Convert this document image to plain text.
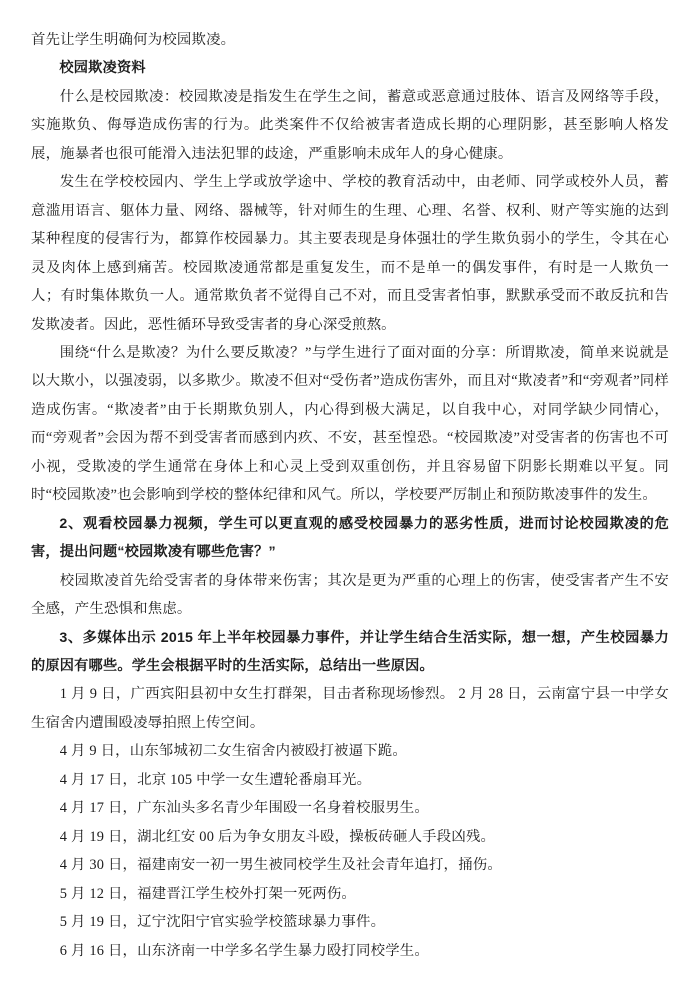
首先让学生明确何为校园欺凌。

校园欺凌资料

什么是校园欺凌：校园欺凌是指发生在学生之间，蓄意或恶意通过肢体、语言及网络等手段，实施欺负、侮辱造成伤害的行为。此类案件不仅给被害者造成长期的心理阴影，甚至影响人格发展，施暴者也很可能滑入违法犯罪的歧途，严重影响未成年人的身心健康。

发生在学校校园内、学生上学或放学途中、学校的教育活动中，由老师、同学或校外人员，蓄意滥用语言、躯体力量、网络、器械等，针对师生的生理、心理、名誉、权利、财产等实施的达到某种程度的侵害行为，都算作校园暴力。其主要表现是身体强壮的学生欺负弱小的学生，令其在心灵及肉体上感到痛苦。校园欺凌通常都是重复发生，而不是单一的偶发事件，有时是一人欺负一人；有时集体欺负一人。通常欺负者不觉得自己不对，而且受害者怕事，默默承受而不敢反抗和告发欺凌者。因此，恶性循环导致受害者的身心深受煎熬。

围绕“什么是欺凌？为什么要反欺凌？”与学生进行了面对面的分享：所谓欺凌，简单来说就是以大欺小，以强凌弱，以多欺少。欺凌不但对“受伤者”造成伤害外，而且对“欺凌者”和“旁观者”同样造成伤害。“欺凌者”由于长期欺负别人，内心得到极大满足，以自我中心，对同学缺少同情心，而“旁观者”会因为帮不到受害者而感到内疚、不安，甚至惶恐。“校园欺凌”对受害者的伤害也不可小视，受欺凌的学生通常在身体上和心灵上受到双重创伤，并且容易留下阴影长期难以平复。同时“校园欺凌”也会影响到学校的整体纪律和风气。所以，学校要严厉制止和预防欺凌事件的发生。

2、观看校园暴力视频，学生可以更直观的感受校园暴力的恶劣性质，进而讨论校园欺凌的危害，提出问题“校园欺凌有哪些危害？”

校园欺凌首先给受害者的身体带来伤害；其次是更为严重的心理上的伤害，使受害者产生不安全感，产生恐惧和焦虑。

3、多媒体出示 2015 年上半年校园暴力事件，并让学生结合生活实际，想一想，产生校园暴力的原因有哪些。学生会根据平时的生活实际，总结出一些原因。

1 月 9 日，广西宾阳县初中女生打群架，目击者称现场惨烈。 2 月 28 日，云南富宁县一中学女生宿舍内遭围殴凌辱拍照上传空间。

4 月 9 日，山东邹城初二女生宿舍内被殴打被逼下跪。

4 月 17 日，北京 105 中学一女生遭轮番扇耳光。

4 月 17 日，广东汕头多名青少年围殴一名身着校服男生。

4 月 19 日，湖北红安 00 后为争女朋友斗殴，操板砖砸人手段凶残。

4 月 30 日，福建南安一初一男生被同校学生及社会青年追打，捅伤。

5 月 12 日，福建晋江学生校外打架一死两伤。

5 月 19 日，辽宁沈阳宁官实验学校篮球暴力事件。

6 月 16 日，山东济南一中学多名学生暴力殴打同校学生。
